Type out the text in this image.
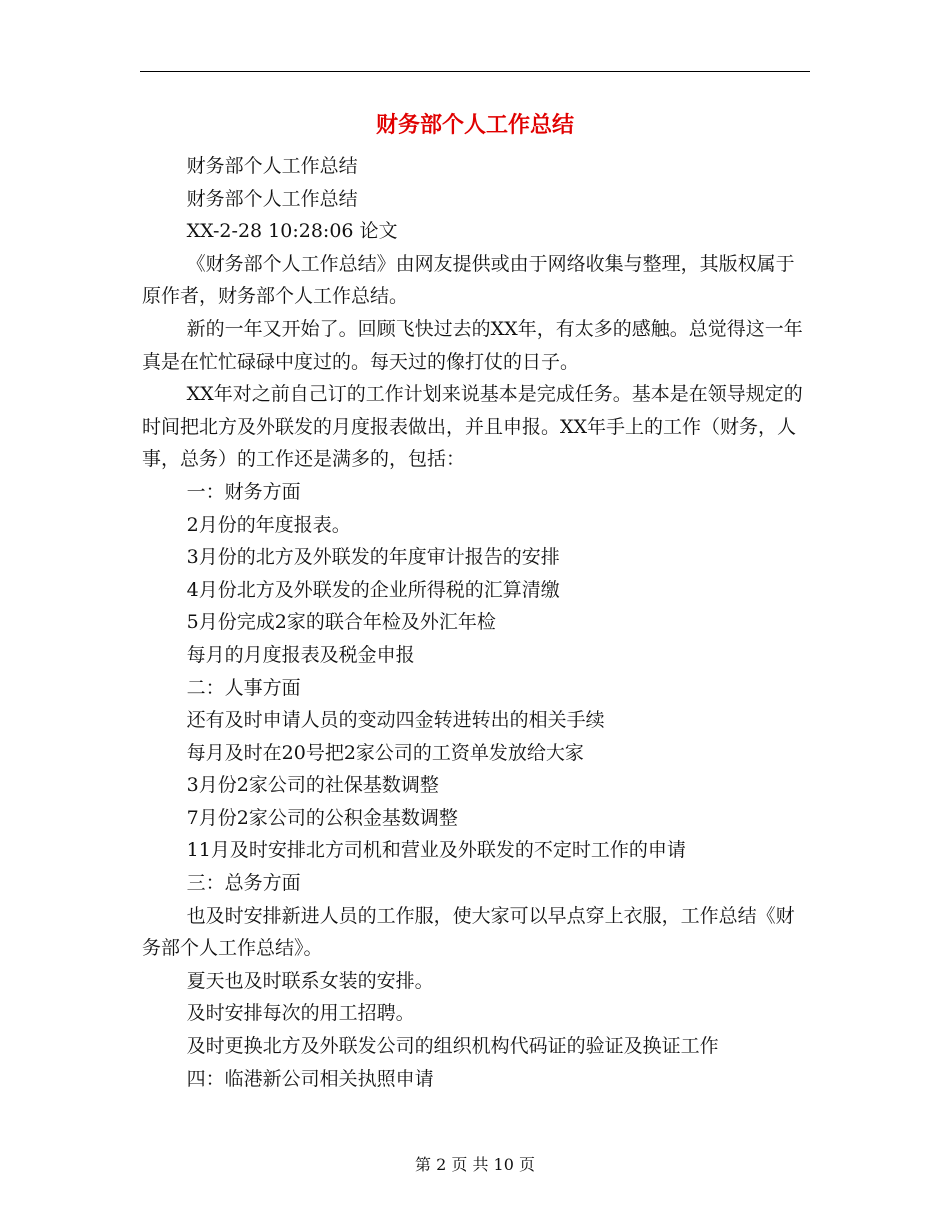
财务部个人工作总结

财务部个人工作总结

财务部个人工作总结

XX-2-28 10:28:06 论文

《财务部个人工作总结》由网友提供或由于网络收集与整理，其版权属于原作者，财务部个人工作总结。

新的一年又开始了。回顾飞快过去的XX年，有太多的感触。总觉得这一年真是在忙忙碌碌中度过的。每天过的像打仗的日子。

XX年对之前自己订的工作计划来说基本是完成任务。基本是在领导规定的时间把北方及外联发的月度报表做出，并且申报。XX年手上的工作（财务，人事，总务）的工作还是满多的，包括：

一：财务方面

2月份的年度报表。

3月份的北方及外联发的年度审计报告的安排

4月份北方及外联发的企业所得税的汇算清缴

5月份完成2家的联合年检及外汇年检

每月的月度报表及税金申报

二：人事方面

还有及时申请人员的变动四金转进转出的相关手续

每月及时在20号把2家公司的工资单发放给大家

3月份2家公司的社保基数调整

7月份2家公司的公积金基数调整

11月及时安排北方司机和营业及外联发的不定时工作的申请

三：总务方面

也及时安排新进人员的工作服，使大家可以早点穿上衣服，工作总结《财务部个人工作总结》。

夏天也及时联系女装的安排。

及时安排每次的用工招聘。

及时更换北方及外联发公司的组织机构代码证的验证及换证工作

四：临港新公司相关执照申请

第 2 页 共 10 页
